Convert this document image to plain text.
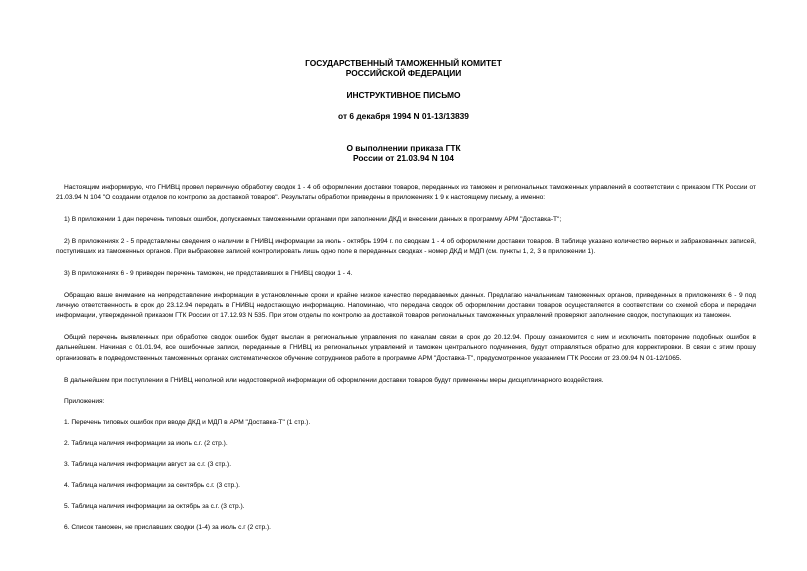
ГОСУДАРСТВЕННЫЙ ТАМОЖЕННЫЙ КОМИТЕТ

РОССИЙСКОЙ ФЕДЕРАЦИИ

ИНСТРУКТИВНОЕ ПИСЬМО

от 6 декабря 1994 N 01-13/13839

О выполнении приказа ГТК

России от 21.03.94 N 104

Настоящим информирую, что ГНИВЦ провел первичную обработку сводок 1 - 4 об оформлении доставки товаров, переданных из таможен и региональных таможенных управлений в соответствии с приказом ГТК России от 21.03.94 N 104 "О создании отделов по контролю за доставкой товаров". Результаты обработки приведены в приложениях 1 9 к настоящему письму, а именно:

1) В приложении 1 дан перечень типовых ошибок, допускаемых таможенными органами при заполнении ДКД и внесении данных в программу АРМ "Доставка-Т";

2) В приложениях 2 - 5 представлены сведения о наличии в ГНИВЦ информации за июль - октябрь 1994 г. по сводкам 1 - 4 об оформлении доставки товаров. В таблице указано количество верных и забракованных записей, поступивших из таможенных органов. При выбраковке записей контролировать лишь одно поле в переданных сводках - номер ДКД и МДП (см. пункты 1, 2, 3 в приложении 1).

3) В приложениях 6 - 9 приведен перечень таможен, не представивших в ГНИВЦ сводки 1 - 4.

Обращаю ваше внимание на непредставление информации в установленные сроки и крайне низкое качество передаваемых данных. Предлагаю начальникам таможенных органов, приведенных в приложениях 6 - 9 под личную ответственность в срок до 23.12.94 передать в ГНИВЦ недостающую информацию. Напоминаю, что передача сводок об оформлении доставки товаров осуществляется в соответствии со схемой сбора и передачи информации, утвержденной приказом ГТК России от 17.12.93 N 535. При этом отделы по контролю за доставкой товаров региональных таможенных управлений проверяют заполнение сводок, поступающих из таможен.

Общий перечень выявленных при обработке сводок ошибок будет выслан в региональные управления по каналам связи в срок до 20.12.94. Прошу ознакомится с ним и исключить повторение подобных ошибок в дальнейшем. Начиная с 01.01.94, все ошибочные записи, переданные в ГНИВЦ из региональных управлений и таможен центрального подчинения, будут отправляться обратно для корректировки. В связи с этим прошу организовать в подведомственных таможенных органах систематическое обучение сотрудников работе в программе АРМ "Доставка-Т", предусмотренное указанием ГТК России от 23.09.94 N 01-12/1065.

В дальнейшем при поступлении в ГНИВЦ неполной или недостоверной информации об оформлении доставки товаров будут применены меры дисциплинарного воздействия.

Приложения:

1. Перечень типовых ошибок при вводе ДКД и МДП в АРМ "Доставка-Т" (1 стр.).

2. Таблица наличия информации за июль с.г. (2 стр.).

3. Таблица наличия информации август за с.г. (3 стр.).

4. Таблица наличия информации за сентябрь с.г. (3 стр.).

5. Таблица наличия информации за октябрь за с.г. (3 стр.).

6. Список таможен, не приславших сводки (1-4) за июль с.г (2 стр.).
